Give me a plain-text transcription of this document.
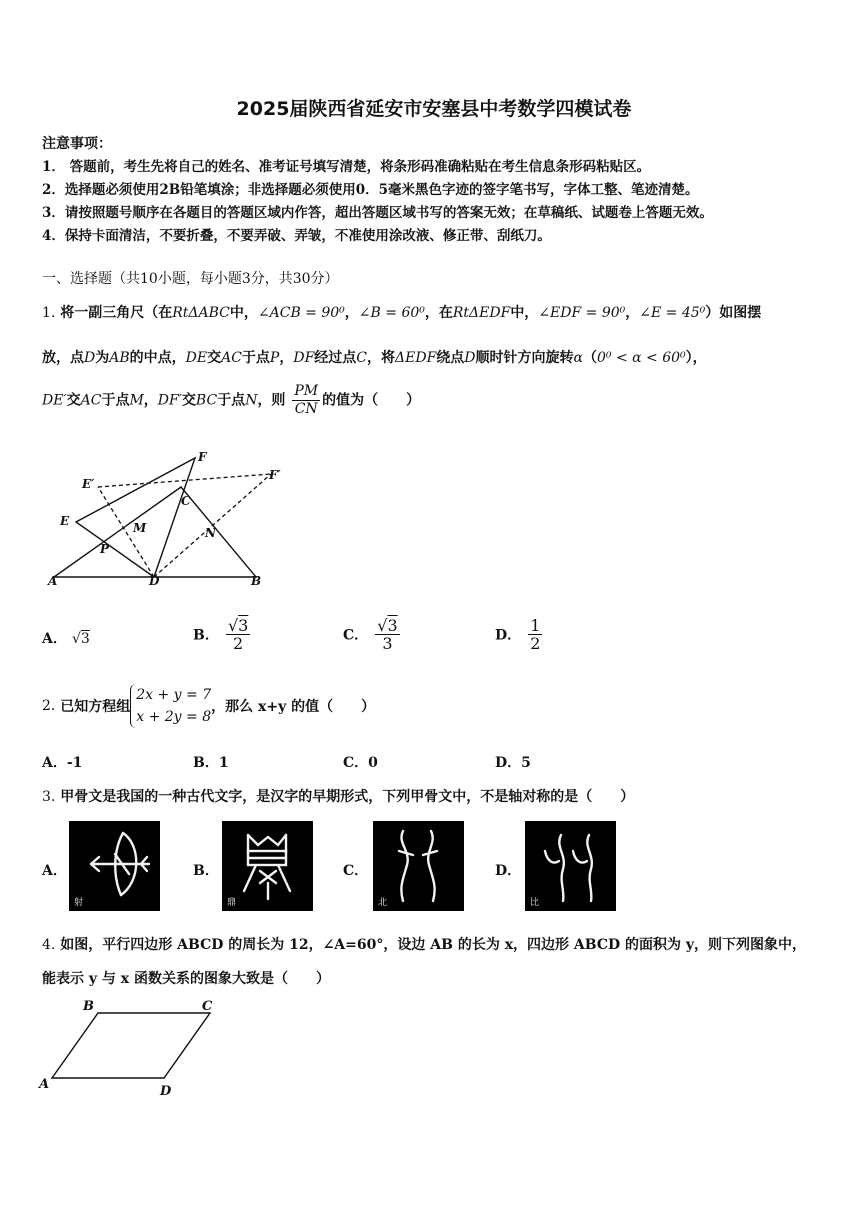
2025届陕西省延安市安塞县中考数学四模试卷
注意事项：
1． 答题前，考生先将自己的姓名、准考证号填写清楚，将条形码准确粘贴在考生信息条形码粘贴区。
2．选择题必须使用2B铅笔填涂；非选择题必须使用0．5毫米黑色字迹的签字笔书写，字体工整、笔迹清楚。
3．请按照题号顺序在各题目的答题区域内作答，超出答题区域书写的答案无效；在草稿纸、试题卷上答题无效。
4．保持卡面清洁，不要折叠，不要弄破、弄皱，不准使用涂改液、修正带、刮纸刀。
一、选择题（共10小题，每小题3分，共30分）
1. 将一副三角尺（在RtΔABC中，∠ACB = 90⁰，∠B = 60⁰，在RtΔEDF中，∠EDF = 90⁰，∠E = 45⁰）如图摆
放，点D为AB的中点，DE交AC于点P，DF经过点C，将ΔEDF绕点D顺时针方向旋转α（0⁰ < α < 60⁰），
DE′交AC于点M，DF′交BC于点N，则 $\frac{PM}{CN}$ 的值为（　　）
F
E′
F′
C
E	M	N
P
A	D	B
A． √3	B． $\frac{√3}{2}$	C． $\frac{√3}{3}$	D． $\frac{1}{2}$
2. 已知方程组
2x + y = 7
x + 2y = 8
，那么 x+y 的值（　　）
A．-1	B．1	C．0	D．5
3. 甲骨文是我国的一种古代文字，是汉字的早期形式，下列甲骨文中，不是轴对称的是（　　）
A．
射
B．
鼎
C．
北
D．
比
4. 如图，平行四边形 ABCD 的周长为 12，∠A=60°，设边 AB 的长为 x，四边形 ABCD 的面积为 y，则下列图象中，
能表示 y 与 x 函数关系的图象大致是（　　）
B	C
A	D
